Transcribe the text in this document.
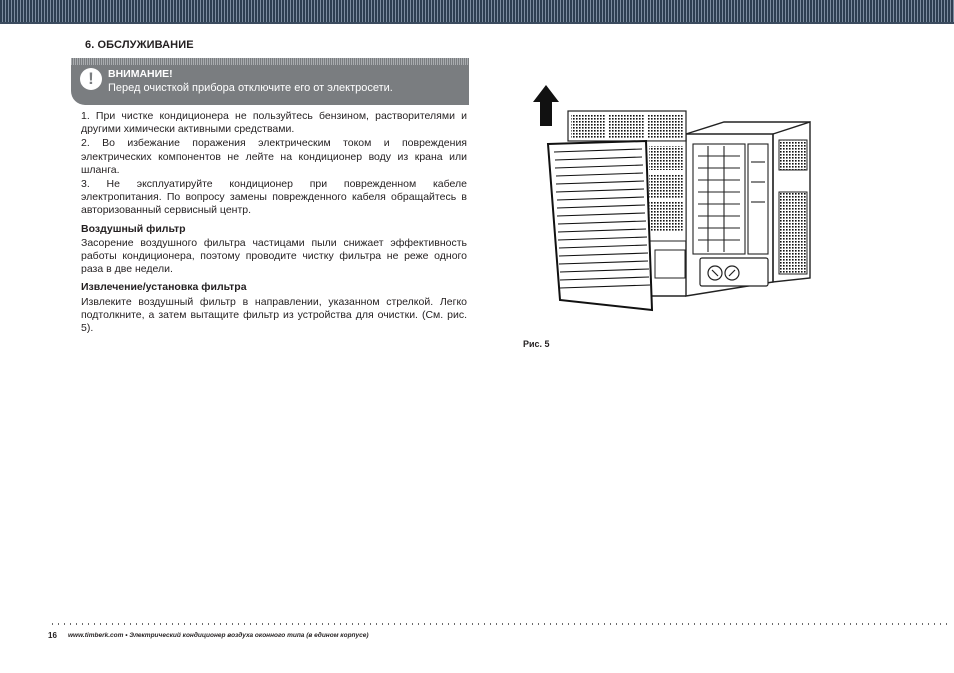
6. ОБСЛУЖИВАНИЕ
!	ВНИМАНИЕ!
Перед очисткой прибора отключите его от электросети.

1. При чистке кондиционера не пользуйтесь бензином, растворителями и другими химически активными средствами.

2. Во избежание поражения электрическим током и повреждения электрических компонентов не лейте на кондиционер воду из крана или шланга.

3. Не эксплуатируйте кондиционер при поврежденном кабеле электропитания. По вопросу замены поврежденного кабеля обращайтесь в авторизованный сервисный центр.

Воздушный фильтр

Засорение воздушного фильтра частицами пыли снижает эффективность работы кондиционера, поэтому проводите чистку фильтра не реже одного раза в две недели.

Извлечение/установка фильтра

Извлеките воздушный фильтр в направлении, указанном стрелкой. Легко подтолкните, а затем вытащите фильтр из устройства для очистки. (См. рис. 5).

Рис. 5
16 www.timberk.com • Электрический кондиционер воздуха оконного типа (в едином корпусе)
